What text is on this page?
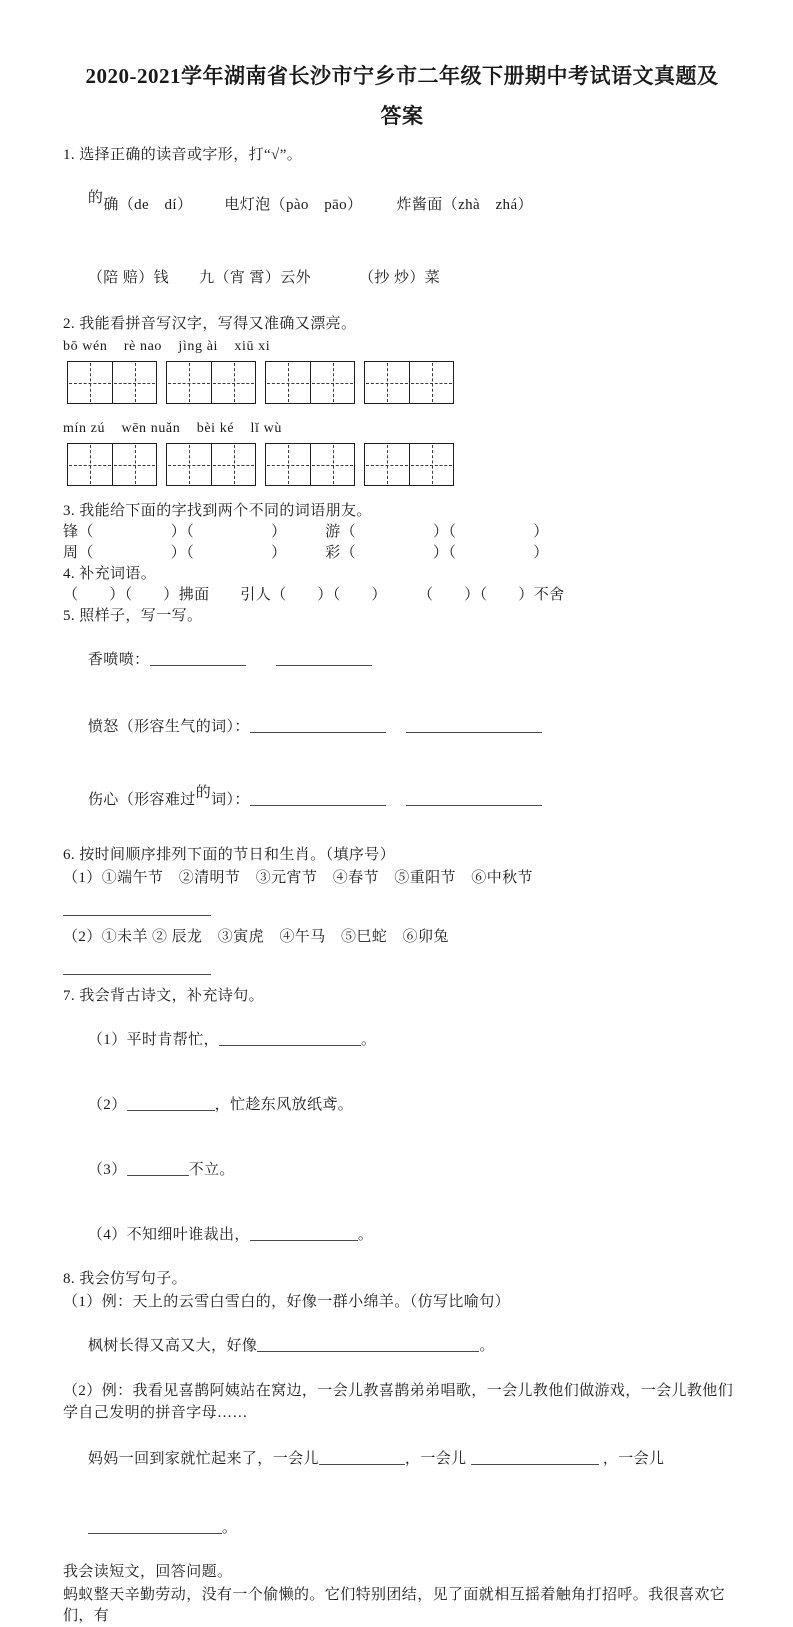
2020-2021学年湖南省长沙市宁乡市二年级下册期中考试语文真题及
答案
1. 选择正确的读音或字形，打“√”。

的确（de　dí） 电灯泡（pào　pāo） 炸酱面（zhà　zhá）

（陪 赔）钱 九（宵 霄）云外	（抄 炒）菜

2. 我能看拼音写汉字，写得又准确又漂亮。
bō wén    rè nao    jìng ài    xiū xi
mín zú    wēn nuǎn    bèi ké    lǐ wù
3. 我能给下面的字找到两个不同的词语朋友。
锋（　　　　　）（　　　　　）　　　游（　　　　　）（　　　　　）
周（　　　　　）（　　　　　）　　　彩（　　　　　）（　　　　　）
4. 补充词语。
（　　）（　　）拂面　　引人（　　）（　　）　　　（　　）（　　）不舍
5. 照样子，写一写。

香喷喷：

愤怒（形容生气的词）：

伤心（形容难过的词）：

6. 按时间顺序排列下面的节日和生肖。（填序号）
（1）①端午节　②清明节　③元宵节　④春节　⑤重阳节　⑥中秋节
（2）①未羊 ② 辰龙　③寅虎　④午马　⑤巳蛇　⑥卯兔
7. 我会背古诗文，补充诗句。

（1）平时肯帮忙，	。

（2）	，忙趁东风放纸鸢。

（3）	不立。

（4）不知细叶谁裁出，	。

8. 我会仿写句子。
（1）例：天上的云雪白雪白的，好像一群小绵羊。（仿写比喻句）

枫树长得又高又大，好像	。

（2）例：我看见喜鹊阿姨站在窝边，一会儿教喜鹊弟弟唱歌，一会儿教他们做游戏，一会儿教他们学自己发明的拼音字母……

妈妈一回到家就忙起来了，一会儿	，一会儿	，一会儿

。

我会读短文，回答问题。
蚂蚁整天辛勤劳动，没有一个偷懒的。它们特别团结，见了面就相互摇着触角打招呼。我很喜欢它们，有
